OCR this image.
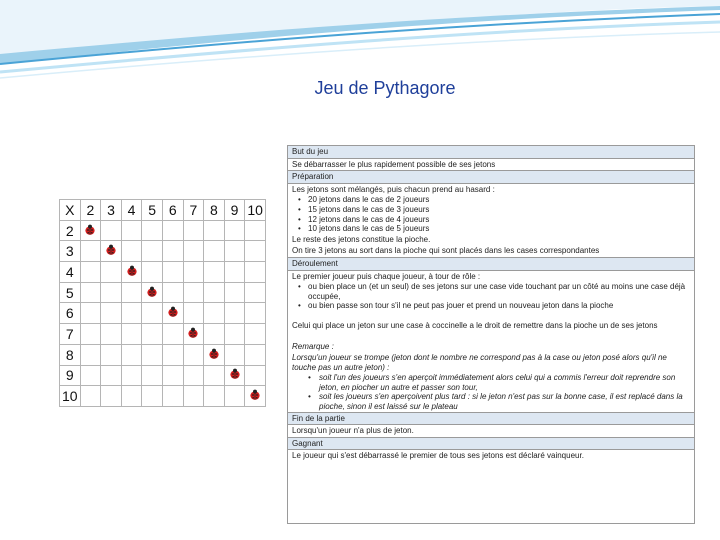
Jeu de Pythagore
X	2	3	4	5	6	7	8	9	10
2									
3									
4									
5									
6									
7									
8									
9									
10									
But du jeu
Se débarrasser le plus rapidement possible de ses jetons
Préparation
Les jetons sont mélangés, puis chacun prend au hasard :
• 20 jetons dans le cas de 2 joueurs
• 15 jetons dans le cas de 3 joueurs
• 12 jetons dans le cas de 4 joueurs
• 10 jetons dans le cas de 5 joueurs
Le reste des jetons constitue la pioche.
On tire 3 jetons au sort dans la pioche qui sont placés dans les cases correspondantes
Déroulement
Le premier joueur puis chaque joueur, à tour de rôle :
• ou bien place un (et un seul) de ses jetons sur une case vide touchant par un côté au moins une case déjà occupée,
• ou bien passe son tour s'il ne peut pas jouer et prend un nouveau jeton dans la pioche
Celui qui place un jeton sur une case à coccinelle a le droit de remettre dans la pioche un de ses jetons
Remarque :
Lorsqu'un joueur se trompe (jeton dont le nombre ne correspond pas à la case ou jeton posé alors qu'il ne touche pas un autre jeton) :
• soit l'un des joueurs s'en aperçoit immédiatement alors celui qui a commis l'erreur doit reprendre son jeton, en piocher un autre et passer son tour,
• soit les joueurs s'en aperçoivent plus tard : si le jeton n'est pas sur la bonne case, il est replacé dans la pioche, sinon il est laissé sur le plateau
Fin de la partie
Lorsqu'un joueur n'a plus de jeton.
Gagnant
Le joueur qui s'est débarrassé le premier de tous ses jetons est déclaré vainqueur.
